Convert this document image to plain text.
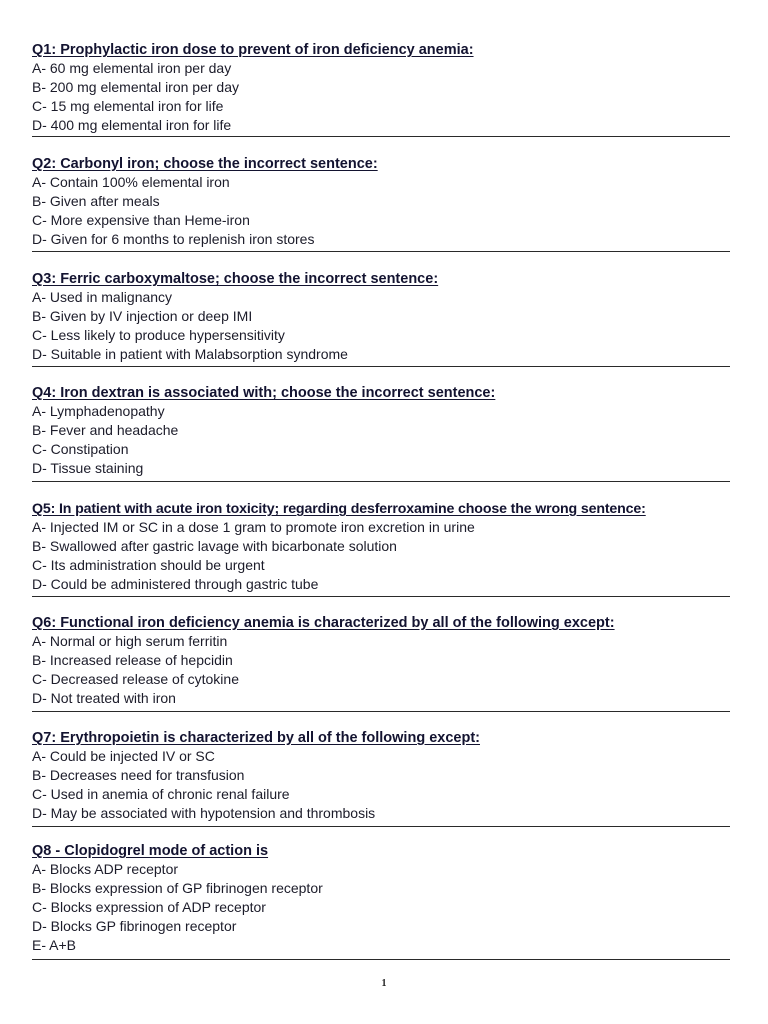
Q1: Prophylactic iron dose to prevent of iron deficiency anemia:
A- 60 mg elemental iron per day
B- 200 mg elemental iron per day
C- 15 mg elemental iron for life
D- 400 mg elemental iron for life
Q2: Carbonyl iron; choose the incorrect sentence:
A- Contain 100% elemental iron
B- Given after meals
C- More expensive than Heme-iron
D- Given for 6 months to replenish iron stores
Q3: Ferric carboxymaltose; choose the incorrect sentence:
A- Used in malignancy
B- Given by IV injection or deep IMI
C- Less likely to produce hypersensitivity
D- Suitable in patient with Malabsorption syndrome
Q4: Iron dextran is associated with; choose the incorrect sentence:
A- Lymphadenopathy
B- Fever and headache
C- Constipation
D- Tissue staining
Q5: In patient with acute iron toxicity; regarding desferroxamine choose the wrong sentence:
A- Injected IM or SC in a dose 1 gram to promote iron excretion in urine
B- Swallowed after gastric lavage with bicarbonate solution
C- Its administration should be urgent
D- Could be administered through gastric tube
Q6: Functional iron deficiency anemia is characterized by all of the following except:
A- Normal or high serum ferritin
B- Increased release of hepcidin
C- Decreased release of cytokine
D- Not treated with iron
Q7: Erythropoietin is characterized by all of the following except:
A- Could be injected IV or SC
B- Decreases need for transfusion
C- Used in anemia of chronic renal failure
D- May be associated with hypotension and thrombosis
Q8 - Clopidogrel mode of action is
A- Blocks ADP receptor
B- Blocks expression of GP fibrinogen receptor
C- Blocks expression of ADP receptor
D- Blocks GP fibrinogen receptor
E- A+B
1
